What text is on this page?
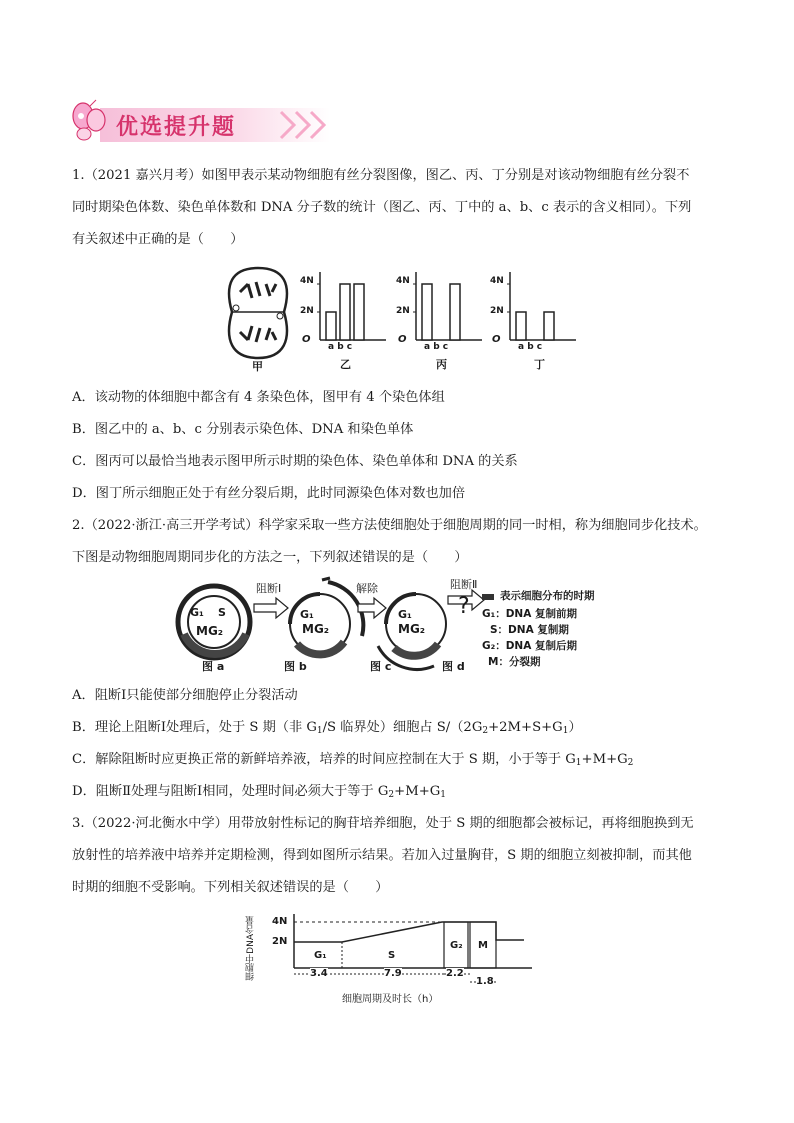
优选提升题
1.（2021 嘉兴月考）如图甲表示某动物细胞有丝分裂图像，图乙、丙、丁分别是对该动物细胞有丝分裂不
同时期染色体数、染色单体数和 DNA 分子数的统计（图乙、丙、丁中的 a、b、c 表示的含义相同）。下列
有关叙述中正确的是（　　）
甲
4N
2N
O
a b c
乙
4N
2N
O
a b c
丙
4N
2N
O
a b c
丁
A．该动物的体细胞中都含有 4 条染色体，图甲有 4 个染色体组
B．图乙中的 a、b、c 分别表示染色体、DNA 和染色单体
C．图丙可以最恰当地表示图甲所示时期的染色体、染色单体和 DNA 的关系
D．图丁所示细胞正处于有丝分裂后期，此时同源染色体对数也加倍
2.（2022·浙江·高三开学考试）科学家采取一些方法使细胞处于细胞周期的同一时相，称为细胞同步化技术。
下图是动物细胞周期同步化的方法之一，下列叙述错误的是（　　）
G₁ S
MG₂
G₁
MG₂
G₁
MG₂
阻断Ⅰ	解除	阻断Ⅱ
?
图 a	图 b	图 c	图 d
表示细胞分布的时期
G₁：DNA 复制前期
S：DNA 复制期
G₂：DNA 复制后期
M：分裂期
A．阻断Ⅰ只能使部分细胞停止分裂活动
B．理论上阻断Ⅰ处理后，处于 S 期（非 $G_1/S$ 临界处）细胞占 $S/(2G_2+2M+S+G_1)$
C．解除阻断时应更换正常的新鲜培养液，培养的时间应控制在大于 S 期，小于等于 $G_1+M+G_2$
D．阻断Ⅱ处理与阻断Ⅰ相同，处理时间必须大于等于 $G_2+M+G_1$
3.（2022·河北衡水中学）用带放射性标记的胸苷培养细胞，处于 S 期的细胞都会被标记，再将细胞换到无
放射性的培养液中培养并定期检测，得到如图所示结果。若加入过量胸苷，S 期的细胞立刻被抑制，而其他
时期的细胞不受影响。下列相关叙述错误的是（　　）
细胞中DNA含量 4N
2N
G₁	S
G₂ M
3.4	7.9	2.2
1.8
细胞周期及时长（h）
